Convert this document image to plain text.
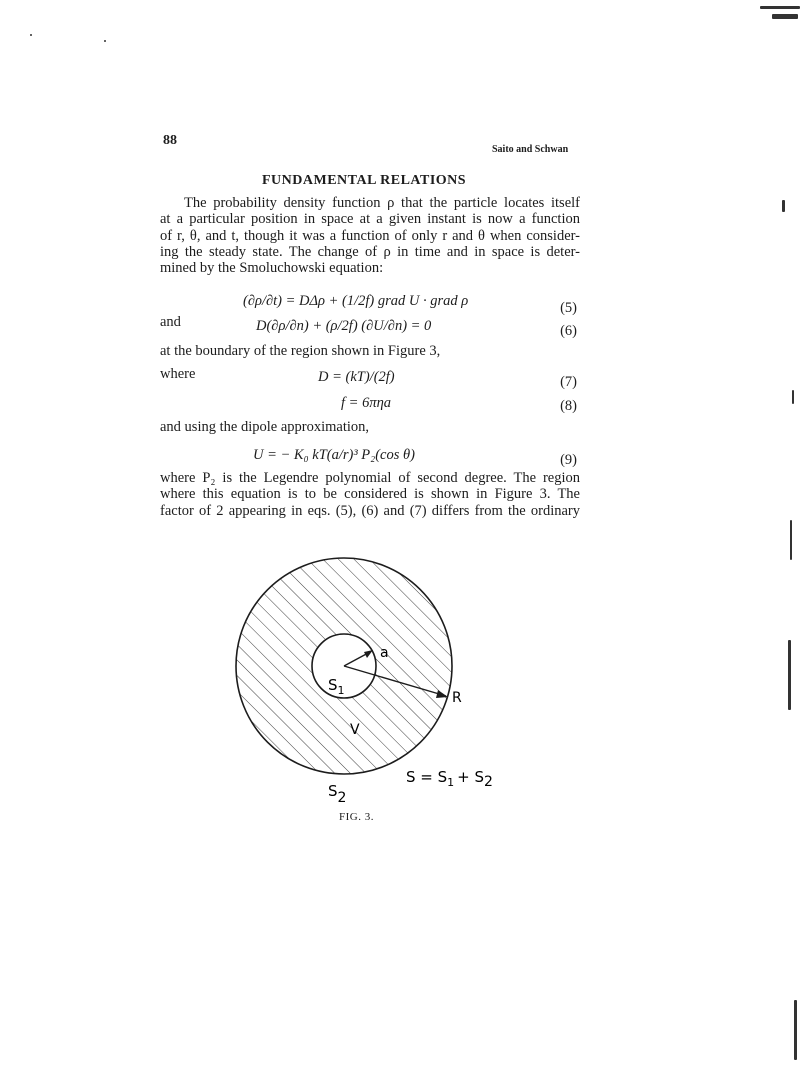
88
Saito and Schwan
FUNDAMENTAL RELATIONS
The probability density function ρ that the particle locates itself
at a particular position in space at a given instant is now a function
of r, θ, and t, though it was a function of only r and θ when consider-
ing the steady state. The change of ρ in time and in space is deter-
mined by the Smoluchowski equation:
(∂ρ/∂t) = DΔρ + (1/2f) grad U · grad ρ	(5)
and	D(∂ρ/∂n) + (ρ/2f) (∂U/∂n) = 0	(6)
at the boundary of the region shown in Figure 3,
where	D = (kT)/(2f)	(7)
f = 6πηa	(8)
and using the dipole approximation,
U = − K₀ kT(a/r)³ P₂(cos θ)	(9)
where P₂ is the Legendre polynomial of second degree. The region
where this equation is to be considered is shown in Figure 3. The
factor of 2 appearing in eqs. (5), (6) and (7) differs from the ordinary
a
$S_1$	R
V
$S = S_1 + S2$
S2
FIG. 3.
